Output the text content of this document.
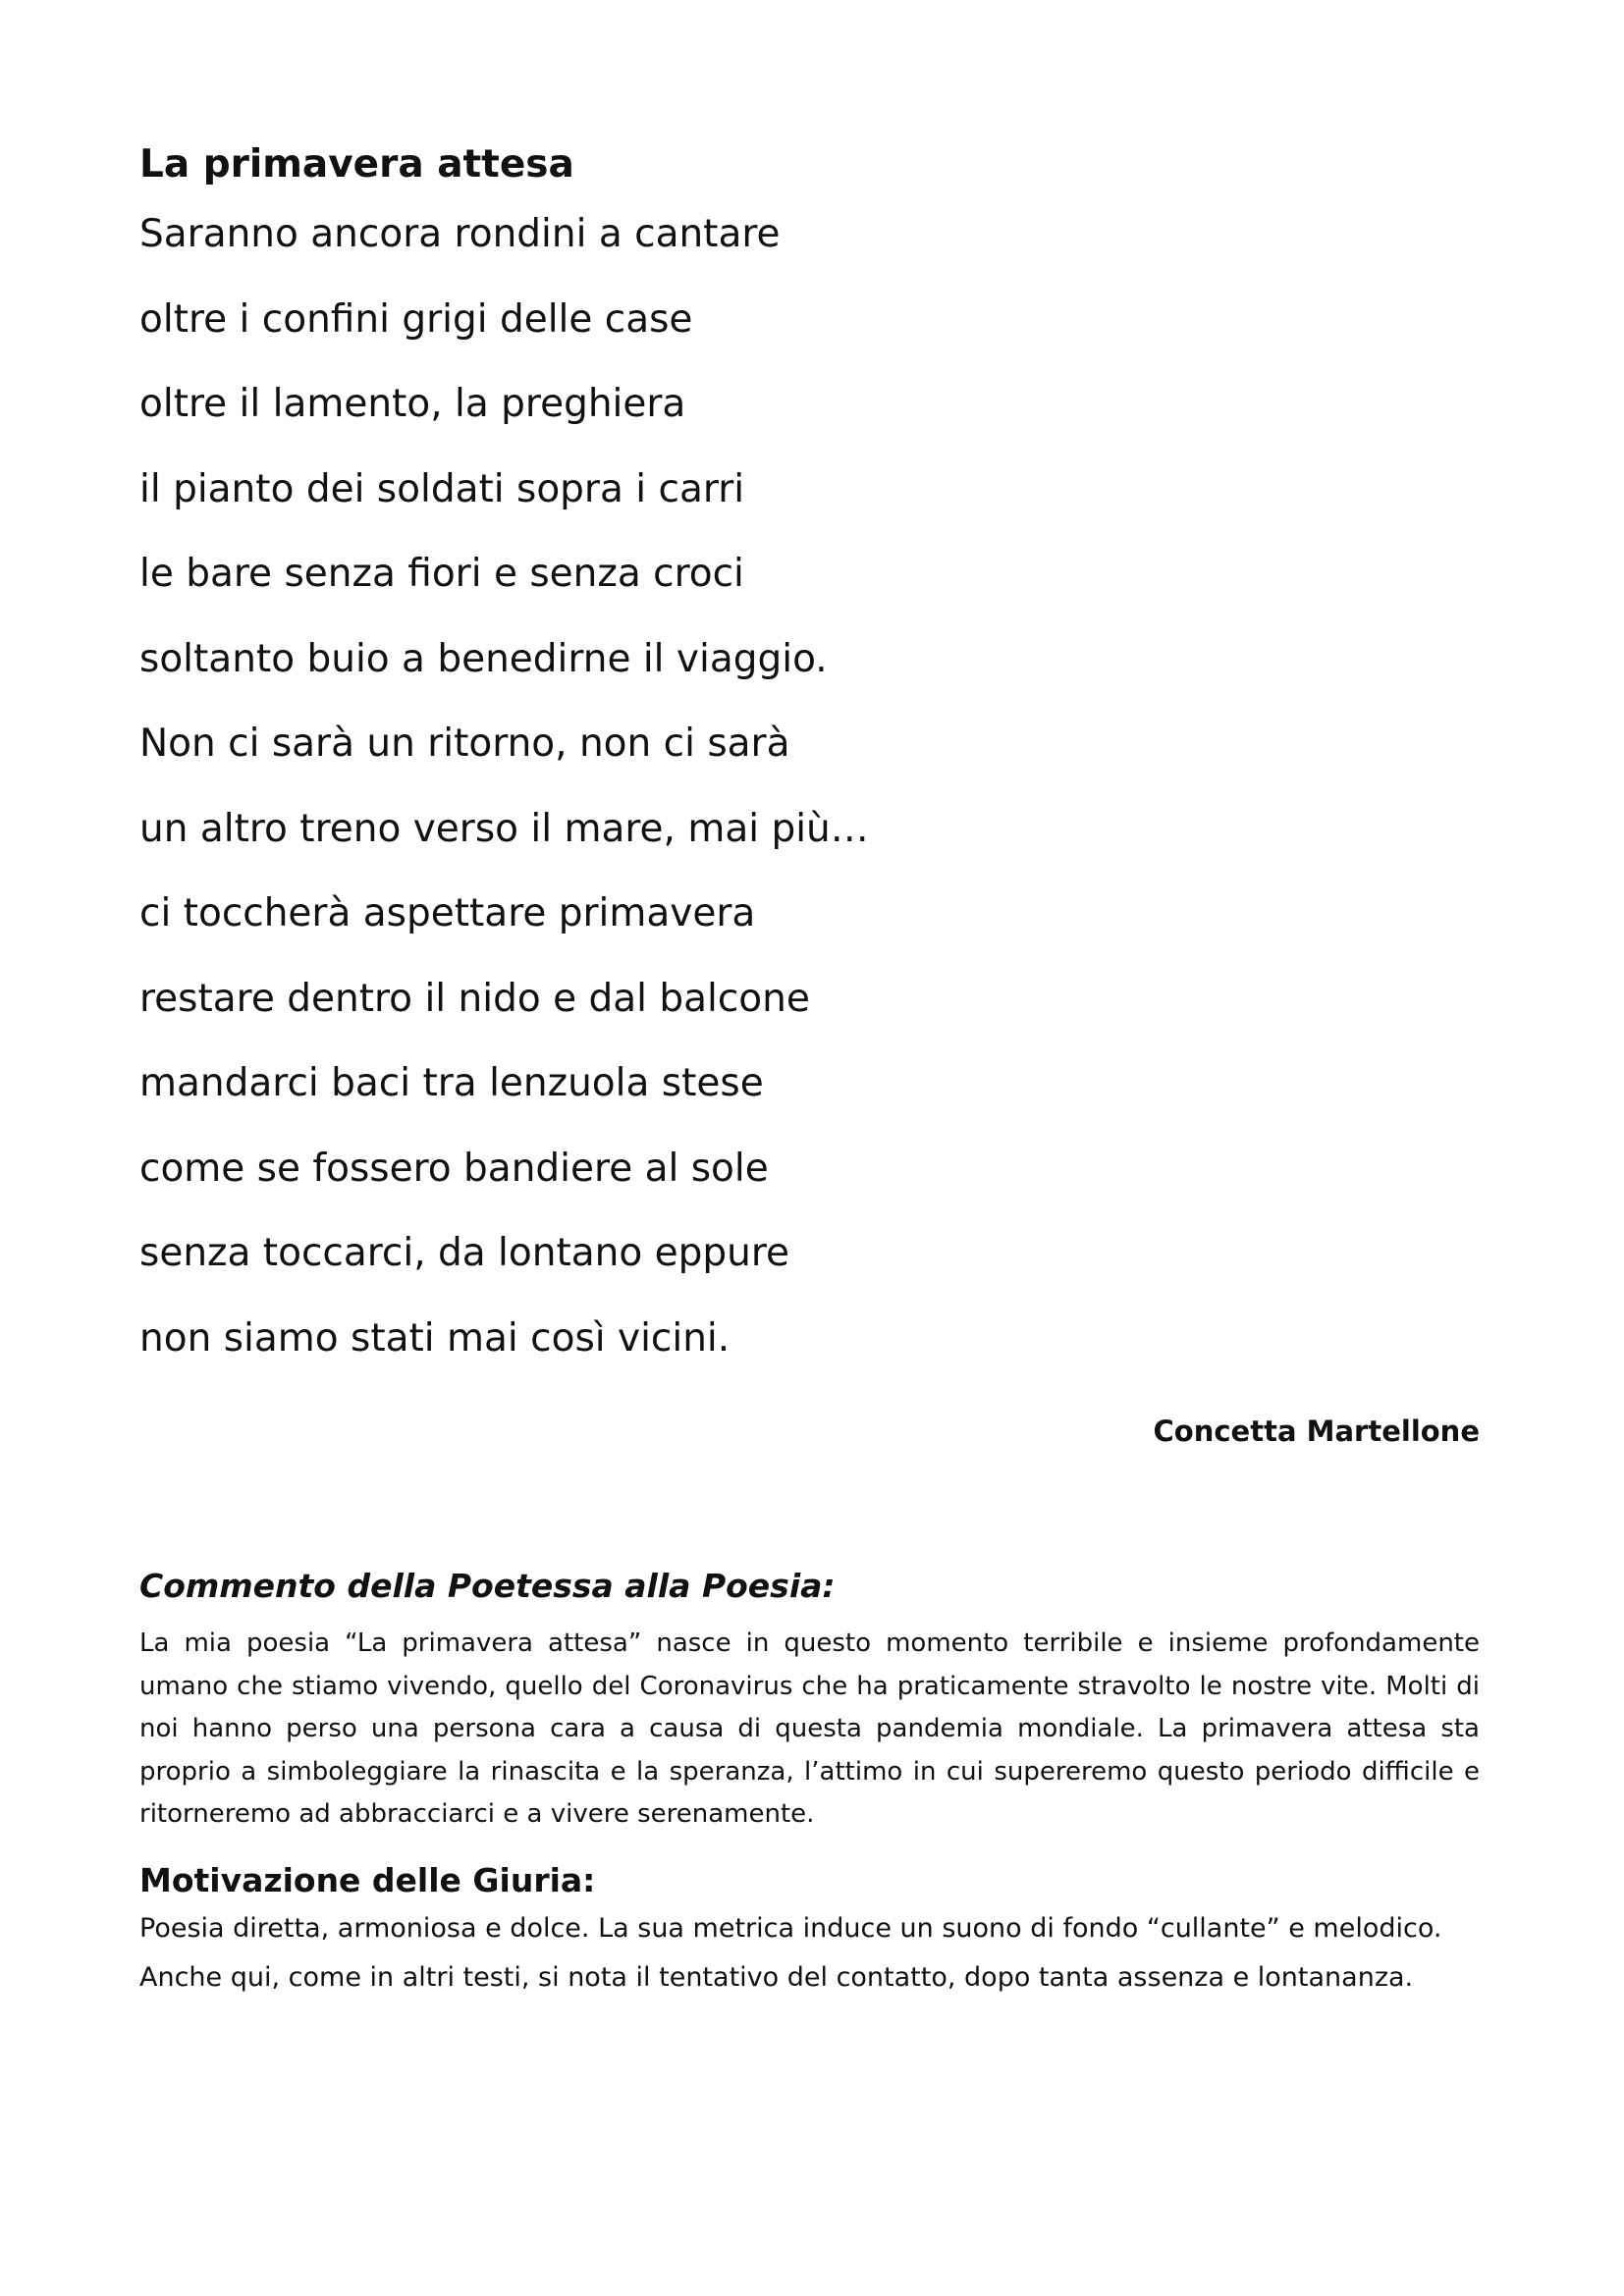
La primavera attesa
Saranno ancora rondini a cantare
oltre i confini grigi delle case
oltre il lamento, la preghiera
il pianto dei soldati sopra i carri
le bare senza fiori e senza croci
soltanto buio a benedirne il viaggio.
Non ci sarà un ritorno, non ci sarà
un altro treno verso il mare, mai più…
ci toccherà aspettare primavera
restare dentro il nido e dal balcone
mandarci baci tra lenzuola stese
come se fossero bandiere al sole
senza toccarci, da lontano eppure
non siamo stati mai così vicini.

Concetta Martellone

Commento della Poetessa alla Poesia:

La mia poesia “La primavera attesa” nasce in questo momento terribile e insieme profondamente umano che stiamo vivendo, quello del Coronavirus che ha praticamente stravolto le nostre vite. Molti di noi hanno perso una persona cara a causa di questa pandemia mondiale. La primavera attesa sta proprio a simboleggiare la rinascita e la speranza, l’attimo in cui supereremo questo periodo difficile e ritorneremo ad abbracciarci e a vivere serenamente.

Motivazione delle Giuria:

Poesia diretta, armoniosa e dolce. La sua metrica induce un suono di fondo “cullante” e melodico. Anche qui, come in altri testi, si nota il tentativo del contatto, dopo tanta assenza e lontananza.
